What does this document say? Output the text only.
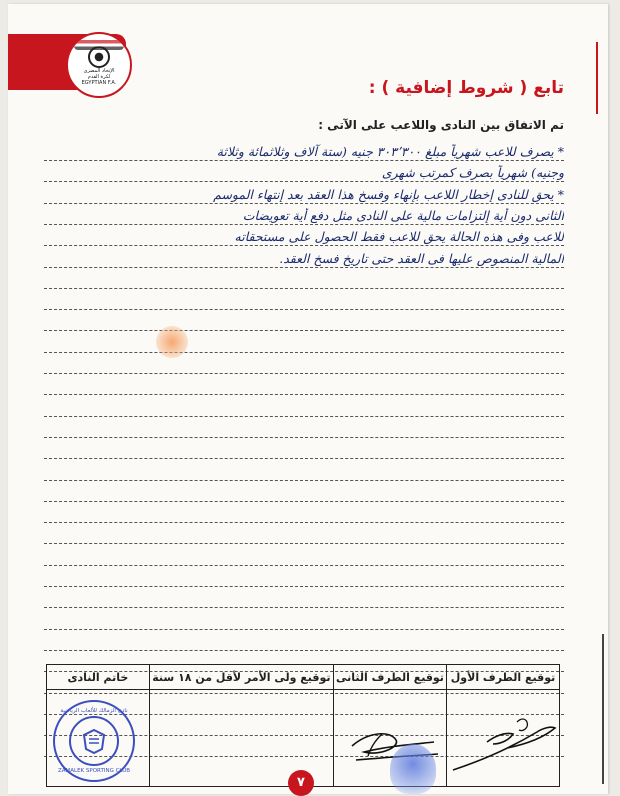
الإتحاد المصرى
لكرة القدم
EGYPTIAN F.A.	تابع ( شروط إضافية ) :
تم الاتفاق بين النادى واللاعب على الآتى :
* يصرف للاعب شهرياً مبلغ ٣٠٣٬٣٠٠ جنيه (ستة آلاف وثلاثمائة وثلاثة
وجنيه) شهرياً بصرف كمرتب شهرى
* يحق للنادى إخطار اللاعب بإنهاء وفسخ هذا العقد بعد إنتهاء الموسم
الثانى دون أية إلتزامات مالية على النادى مثل دفع أية تعويضات
للاعب وفى هذه الحالة يحق للاعب فقط الحصول على مستحقاته
المالية المنصوص عليها فى العقد حتى تاريخ فسخ العقد.
خاتم النادى	توقيع ولى الأمر لأقل من ١٨ سنة	توقيع الطرف الثانى	توقيع الطرف الأول

نادى الزمالك للألعاب الرياضية
ZAMALEK SPORTING CLUB

٧
